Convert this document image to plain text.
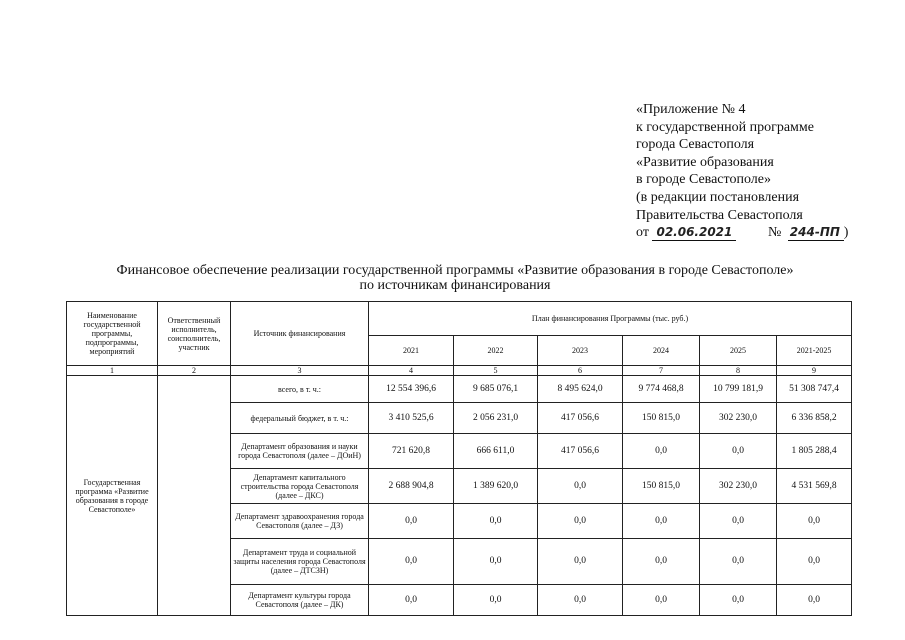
«Приложение № 4
к государственной программе
города Севастополя
«Развитие образования
в городе Севастополе»
(в редакции постановления
Правительства Севастополя
от 02.06.2021	№ 244-ПП )
Финансовое обеспечение реализации государственной программы «Развитие образования в городе Севастополе»
по источникам финансирования
Наименование государственной программы, подпрограммы, мероприятий	Ответственный исполнитель, соисполнитель, участник	Источник финансирования	План финансирования Программы (тыс. руб.)					
			2021	2022	2023	2024	2025	2021-2025
1	2	3	4	5	6	7	8	9
Государственная программа «Развитие образования в городе Севастополе»		всего, в т. ч.:	12 554 396,6	9 685 076,1	8 495 624,0	9 774 468,8	10 799 181,9	51 308 747,4
		федеральный бюджет, в т. ч.:	3 410 525,6	2 056 231,0	417 056,6	150 815,0	302 230,0	6 336 858,2
		Департамент образования и науки города Севастополя (далее – ДОиН)	721 620,8	666 611,0	417 056,6	0,0	0,0	1 805 288,4
		Департамент капитального строительства города Севастополя (далее – ДКС)	2 688 904,8	1 389 620,0	0,0	150 815,0	302 230,0	4 531 569,8
		Департамент здравоохранения города Севастополя (далее – ДЗ)	0,0	0,0	0,0	0,0	0,0	0,0
		Департамент труда и социальной защиты населения города Севастополя (далее – ДТСЗН)	0,0	0,0	0,0	0,0	0,0	0,0
		Департамент культуры города Севастополя (далее – ДК)	0,0	0,0	0,0	0,0	0,0	0,0
